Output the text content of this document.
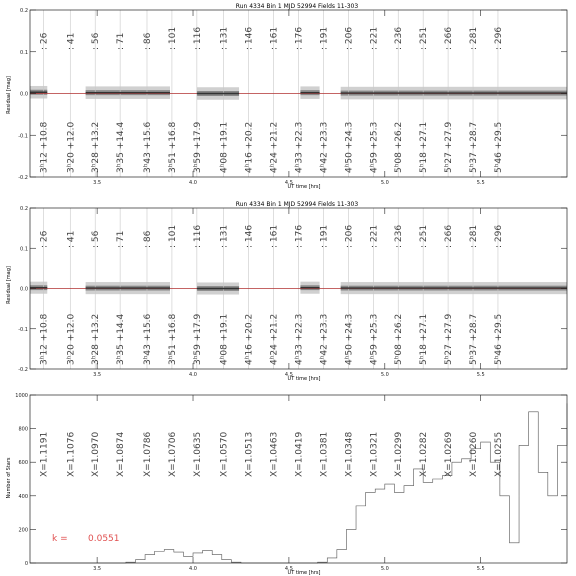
Run 4334 Bin 1 MJD 52994 Fields 11-303
UT time [hrs]
Residual [mag]
Run 4334 Bin 1 MJD 52994 Fields 11-303
UT time [hrs]
Residual [mag]
UT time [hrs]
Number of Stars
: 26 : 41 : 56 : 71 : 86 : 101 : 116 : 131 : 146 : 161 : 176 : 191 : 206 : 221 : 236 : 251 : 266 : 281 : 296
3ʰ12 +10.8 3ʰ20 +12.0 3ʰ28 +13.2 3ʰ35 +14.4 3ʰ43 +15.6 3ʰ51 +16.8 3ʰ59 +17.9 4ʰ08 +19.1 4ʰ16 +20.2 4ʰ24 +21.2 4ʰ33 +22.3 4ʰ42 +23.3 4ʰ50 +24.3 4ʰ59 +25.3 5ʰ08 +26.2 5ʰ18 +27.1 5ʰ27 +27.9 5ʰ37 +28.7 5ʰ46 +29.5
3.5	4.0	4.5	5.0	5.5
-0.2
-0.1
0.0
0.1
0.2
: 26 : 41 : 56 : 71 : 86 : 101 : 116 : 131 : 146 : 161 : 176 : 191 : 206 : 221 : 236 : 251 : 266 : 281 : 296
3ʰ12 +10.8 3ʰ20 +12.0 3ʰ28 +13.2 3ʰ35 +14.4 3ʰ43 +15.6 3ʰ51 +16.8 3ʰ59 +17.9 4ʰ08 +19.1 4ʰ16 +20.2 4ʰ24 +21.2 4ʰ33 +22.3 4ʰ42 +23.3 4ʰ50 +24.3 4ʰ59 +25.3 5ʰ08 +26.2 5ʰ18 +27.1 5ʰ27 +27.9 5ʰ37 +28.7 5ʰ46 +29.5
3.5	4.0	4.5	5.0	5.5
-0.2
-0.1
0.0
0.1
0.2
X=1.1191 X=1.1076 X=1.0970 X=1.0874 X=1.0786 X=1.0706 X=1.0635 X=1.0570 X=1.0513 X=1.0463 X=1.0419 X=1.0381 X=1.0348 X=1.0321 X=1.0299 X=1.0282 X=1.0269 X=1.0260 X=1.0255
k = 0.0551
3.5	4.0	4.5	5.0	5.5
0
200
400
600
800
1000
